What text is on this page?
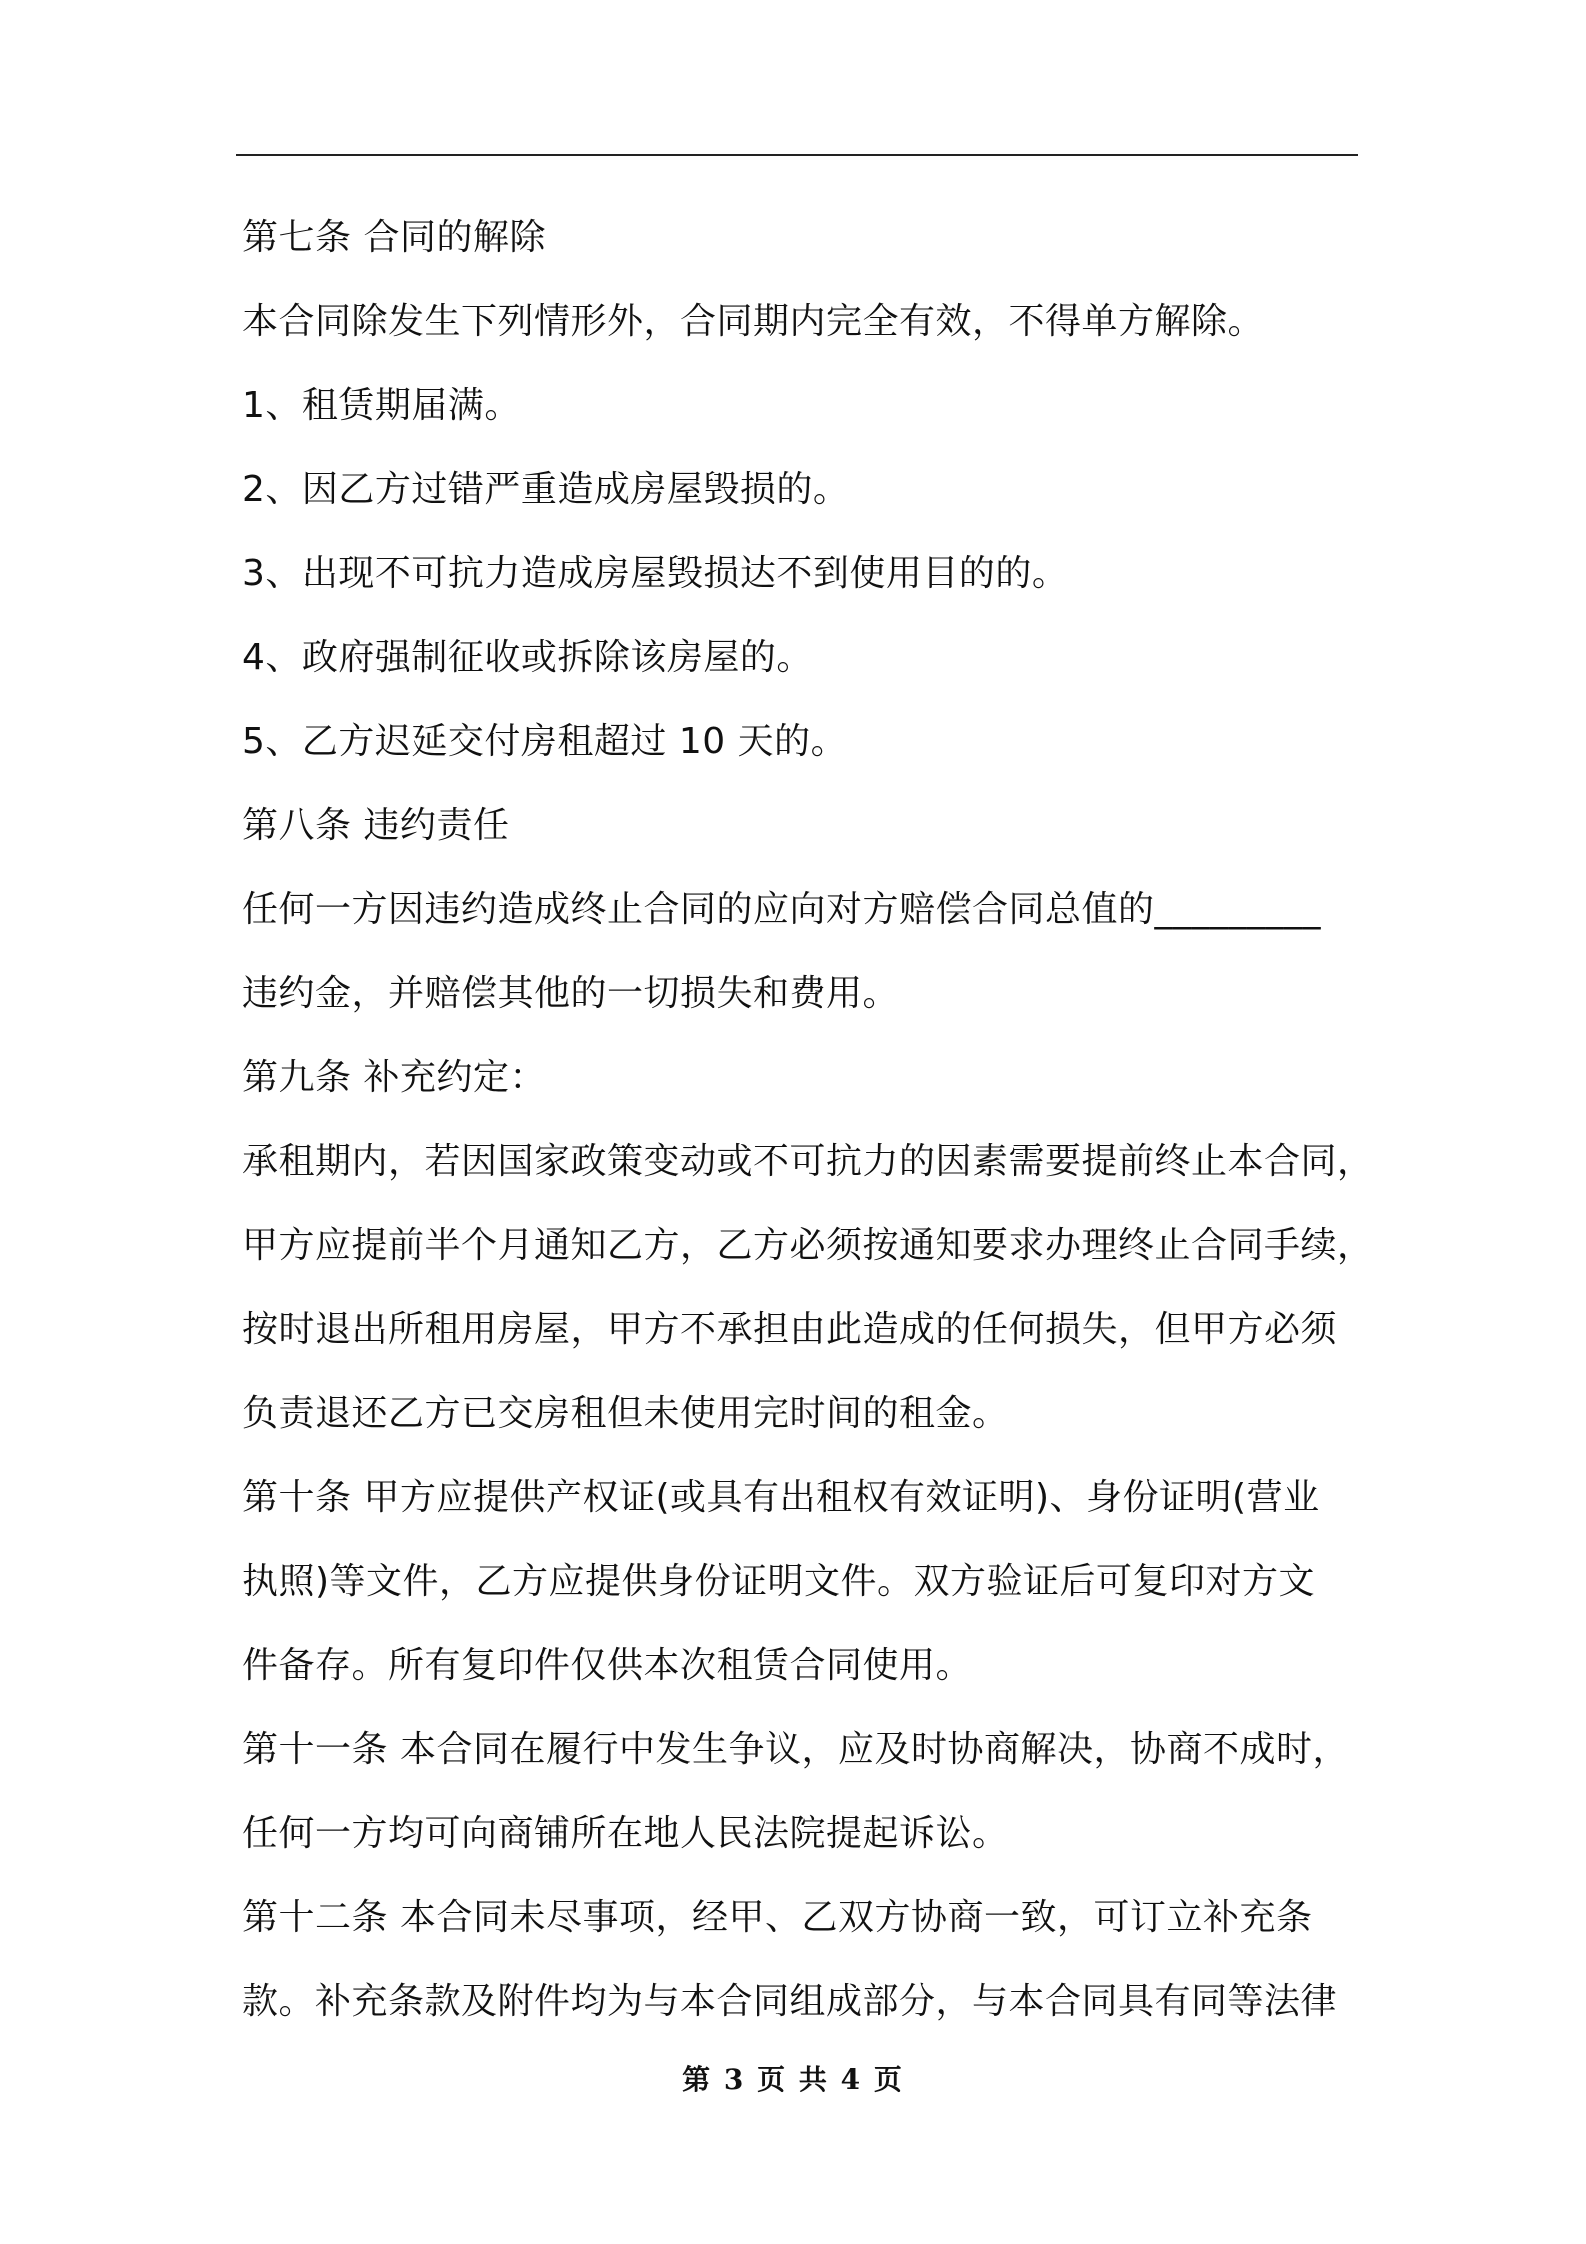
第七条 合同的解除
本合同除发生下列情形外，合同期内完全有效，不得单方解除。
1、租赁期届满。
2、因乙方过错严重造成房屋毁损的。
3、出现不可抗力造成房屋毁损达不到使用目的的。
4、政府强制征收或拆除该房屋的。
5、乙方迟延交付房租超过 10 天的。
第八条 违约责任
任何一方因违约造成终止合同的应向对方赔偿合同总值的_________
违约金，并赔偿其他的一切损失和费用。
第九条 补充约定：
承租期内，若因国家政策变动或不可抗力的因素需要提前终止本合同，
甲方应提前半个月通知乙方，乙方必须按通知要求办理终止合同手续，
按时退出所租用房屋，甲方不承担由此造成的任何损失，但甲方必须
负责退还乙方已交房租但未使用完时间的租金。
第十条 甲方应提供产权证(或具有出租权有效证明)、身份证明(营业
执照)等文件，乙方应提供身份证明文件。双方验证后可复印对方文
件备存。所有复印件仅供本次租赁合同使用。
第十一条 本合同在履行中发生争议，应及时协商解决，协商不成时，
任何一方均可向商铺所在地人民法院提起诉讼。
第十二条 本合同未尽事项，经甲、乙双方协商一致，可订立补充条
款。补充条款及附件均为与本合同组成部分，与本合同具有同等法律
第 3 页 共 4 页
